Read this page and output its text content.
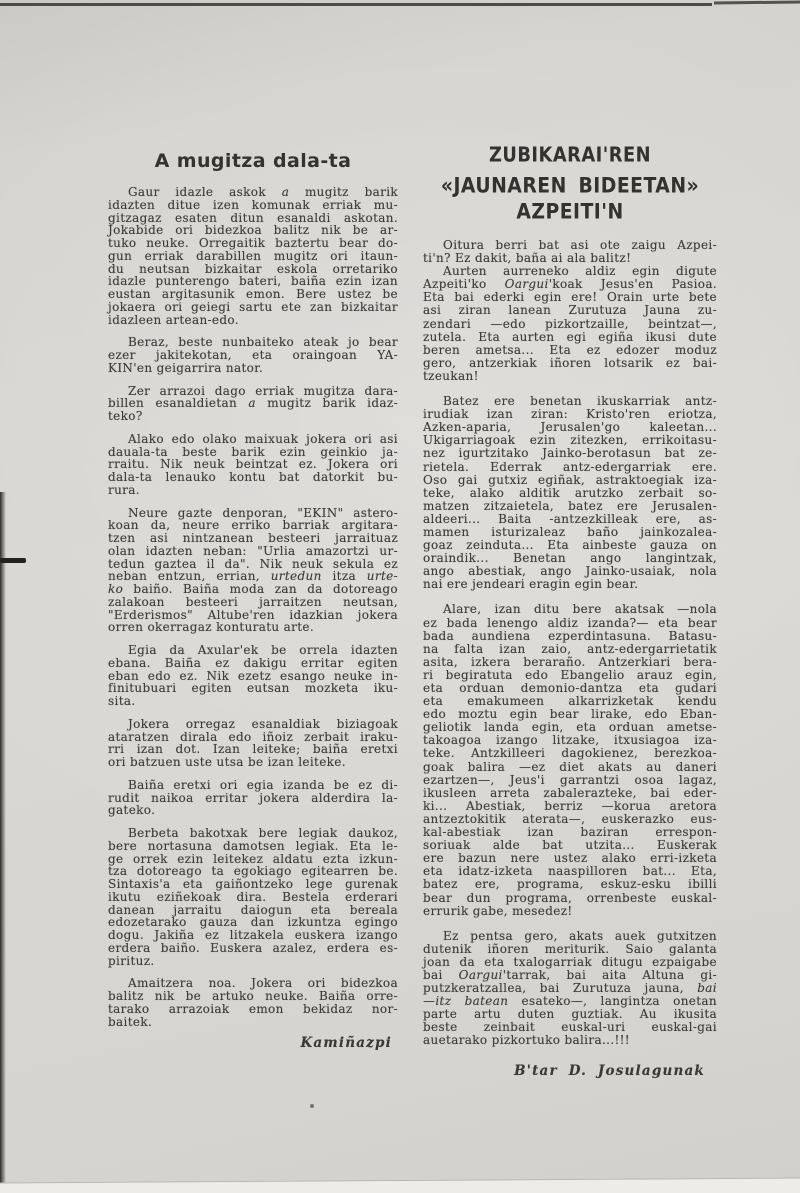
A mugitza dala-ta
Gaur idazle askok a mugitz barik
idazten ditue izen komunak erriak mu-
gitzagaz esaten ditun esanaldi askotan.
Jokabide ori bidezkoa balitz nik be ar-
tuko neuke. Orregaitik baztertu bear do-
gun erriak darabillen mugitz ori itaun-
du neutsan bizkaitar eskola orretariko
idazle punterengo bateri, baiña ezin izan
eustan argitasunik emon. Bere ustez be
jokaera ori geiegi sartu ete zan bizkaitar
idazleen artean-edo.
Beraz, beste nunbaiteko ateak jo bear
ezer jakitekotan, eta oraingoan YA-
KIN'en geigarrira nator.
Zer arrazoi dago erriak mugitza dara-
billen esanaldietan a mugitz barik idaz-
teko?
Alako edo olako maixuak jokera ori asi
dauala-ta beste barik ezin geinkio ja-
rraitu. Nik neuk beintzat ez. Jokera ori
dala-ta lenauko kontu bat datorkit bu-
rura.
Neure gazte denporan, "EKIN" astero-
koan da, neure erriko barriak argitara-
tzen asi nintzanean besteeri jarraituaz
olan idazten neban: "Urlia amazortzi ur-
tedun gaztea il da". Nik neuk sekula ez
neban entzun, errian, urtedun itza urte-
ko baiño. Baiña moda zan da dotoreago
zalakoan besteeri jarraitzen neutsan,
"Erderismos" Altube'ren idazkian jokera
orren okerragaz konturatu arte.
Egia da Axular'ek be orrela idazten
ebana. Baiña ez dakigu erritar egiten
eban edo ez. Nik ezetz esango neuke in-
finitubuari egiten eutsan mozketa iku-
sita.
Jokera orregaz esanaldiak biziagoak
ataratzen dirala edo iñoiz zerbait iraku-
rri izan dot. Izan leiteke; baiña eretxi
ori batzuen uste utsa be izan leiteke.
Baiña eretxi ori egia izanda be ez di-
rudit naikoa erritar jokera alderdira la-
gateko.
Berbeta bakotxak bere legiak daukoz,
bere nortasuna damotsen legiak. Eta le-
ge orrek ezin leitekez aldatu ezta izkun-
tza dotoreago ta egokiago egitearren be.
Sintaxis'a eta gaiñontzeko lege gurenak
ikutu eziñekoak dira. Bestela erderari
danean jarraitu daiogun eta bereala
edozetarako gauza dan izkuntza egingo
dogu. Jakiña ez litzakela euskera izango
erdera baiño. Euskera azalez, erdera es-
pirituz.
Amaitzera noa. Jokera ori bidezkoa
balitz nik be artuko neuke. Baiña orre-
tarako arrazoiak emon bekidaz nor-
baitek.
Kamiñazpi
ZUBIKARAI'REN
«JAUNAREN BIDEETAN» AZPEITI'N
Oitura berri bat asi ote zaigu Azpei-
ti'n? Ez dakit, baña ai ala balitz!
Aurten aurreneko aldiz egin digute
Azpeiti'ko Oargui'koak Jesus'en Pasioa.
Eta bai ederki egin ere! Orain urte bete
asi ziran lanean Zurutuza Jauna zu-
zendari —edo pizkortzaille, beintzat—,
zutela. Eta aurten egi egiña ikusi dute
beren ametsa... Eta ez edozer moduz
gero, antzerkiak iñoren lotsarik ez bai-
tzeukan!
Batez ere benetan ikuskarriak antz-
irudiak izan ziran: Kristo'ren eriotza,
Azken-aparia, Jerusalen'go kaleetan...
Ukigarriagoak ezin zitezken, errikoitasu-
nez igurtzitako Jainko-berotasun bat ze-
rietela. Ederrak antz-edergarriak ere.
Oso gai gutxiz egiñak, astraktoegiak iza-
teke, alako alditik arutzko zerbait so-
matzen zitzaietela, batez ere Jerusalen-
aldeeri... Baita -antzezkilleak ere, as-
mamen isturizaleaz baño jainkozalea-
goaz zeinduta... Eta ainbeste gauza on
oraindik... Benetan ango langintzak,
ango abestiak, ango Jainko-usaiak, nola
nai ere jendeari eragin egin bear.
Alare, izan ditu bere akatsak —nola
ez bada lenengo aldiz izanda?— eta bear
bada aundiena ezperdintasuna. Batasu-
na falta izan zaio, antz-edergarrietatik
asita, izkera beraraño. Antzerkiari bera-
ri begiratuta edo Ebangelio arauz egin,
eta orduan demonio-dantza eta gudari
eta emakumeen alkarrizketak kendu
edo moztu egin bear lirake, edo Eban-
geliotik landa egin, eta orduan ametse-
takoagoa izango litzake, itxusiagoa iza-
teke. Antzkilleeri dagokienez, berezkoa-
goak balira —ez diet akats au daneri
ezartzen—, Jeus'i garrantzi osoa lagaz,
ikusleen arreta zabalerazteke, bai eder-
ki... Abestiak, berriz —korua aretora
antzeztokitik aterata—, euskerazko eus-
kal-abestiak izan baziran errespon-
soriuak alde bat utzita... Euskerak
ere bazun nere ustez alako erri-izketa
eta idatz-izketa naaspilloren bat... Eta,
batez ere, programa, eskuz-esku ibilli
bear dun programa, orrenbeste euskal-
errurik gabe, mesedez!
Ez pentsa gero, akats auek gutxitzen
dutenik iñoren meriturik. Saio galanta
joan da eta txalogarriak ditugu ezpaigabe
bai Oargui'tarrak, bai aita Altuna gi-
putzkeratzallea, bai Zurutuza jauna, bai
—itz batean esateko—, langintza onetan
parte artu duten guztiak. Au ikusita
beste zeinbait euskal-uri euskal-gai
auetarako pizkortuko balira...!!!
B'tar D. Josulagunak
